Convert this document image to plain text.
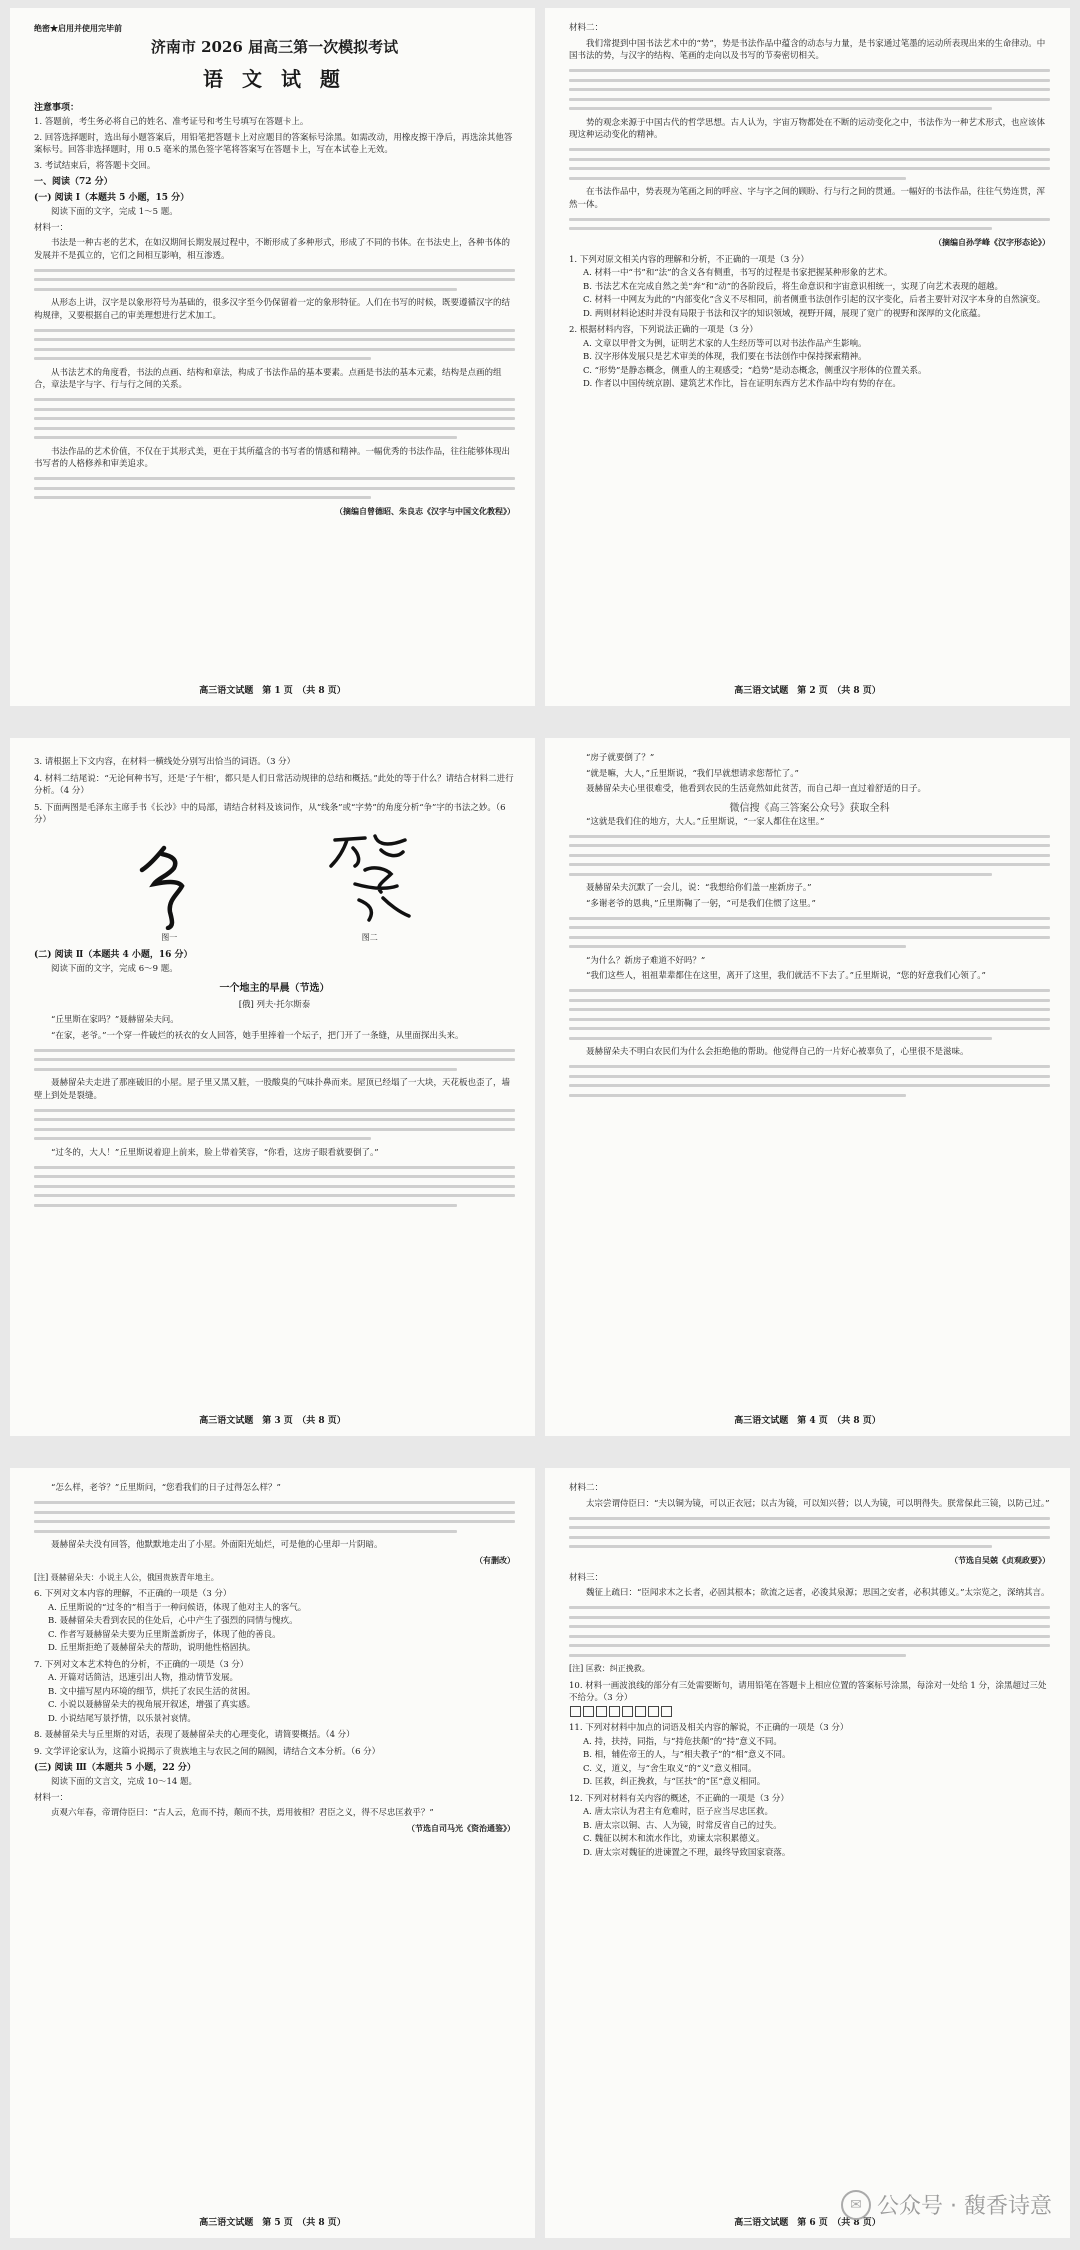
绝密★启用并使用完毕前

济南市 2026 届高三第一次模拟考试

语 文 试 题

注意事项：

1. 答题前，考生务必将自己的姓名、准考证号和考生号填写在答题卡上。

2. 回答选择题时，选出每小题答案后，用铅笔把答题卡上对应题目的答案标号涂黑。如需改动，用橡皮擦干净后，再选涂其他答案标号。回答非选择题时，用 0.5 毫米的黑色签字笔将答案写在答题卡上，写在本试卷上无效。

3. 考试结束后，将答题卡交回。

一、阅读（72 分）

(一) 阅读 Ⅰ（本题共 5 小题，15 分）

阅读下面的文字，完成 1～5 题。

材料一：

书法是一种古老的艺术，在如汉期间长期发展过程中，不断形成了多种形式，形成了不同的书体。在书法史上，各种书体的发展并不是孤立的，它们之间相互影响，相互渗透。

从形态上讲，汉字是以象形符号为基础的，很多汉字至今仍保留着一定的象形特征。人们在书写的时候，既要遵循汉字的结构规律，又要根据自己的审美理想进行艺术加工。

从书法艺术的角度看，书法的点画、结构和章法，构成了书法作品的基本要素。点画是书法的基本元素，结构是点画的组合，章法是字与字、行与行之间的关系。

书法作品的艺术价值，不仅在于其形式美，更在于其所蕴含的书写者的情感和精神。一幅优秀的书法作品，往往能够体现出书写者的人格修养和审美追求。

（摘编自曾德昭、朱良志《汉字与中国文化教程》）

高三语文试题　第 1 页　（共 8 页）

材料二：

我们常提到中国书法艺术中的“势”，势是书法作品中蕴含的动态与力量，是书家通过笔墨的运动所表现出来的生命律动。中国书法的势，与汉字的结构、笔画的走向以及书写的节奏密切相关。

势的观念来源于中国古代的哲学思想。古人认为，宇宙万物都处在不断的运动变化之中，书法作为一种艺术形式，也应该体现这种运动变化的精神。

在书法作品中，势表现为笔画之间的呼应、字与字之间的顾盼、行与行之间的贯通。一幅好的书法作品，往往气势连贯，浑然一体。

（摘编自孙学峰《汉字形态论》）

1. 下列对原文相关内容的理解和分析，不正确的一项是（3 分）

A. 材料一中“书”和“法”的含义各有侧重，书写的过程是书家把握某种形象的艺术。

B. 书法艺术在完成自然之美“奔”和“动”的各阶段后，将生命意识和宇宙意识相统一，实现了向艺术表现的超越。

C. 材料一中网友为此的“内部变化”含义不尽相同，前者侧重书法创作引起的汉字变化，后者主要针对汉字本身的自然演变。

D. 两则材料论述时并没有局限于书法和汉字的知识领域，视野开阔，展现了宽广的视野和深厚的文化底蕴。

2. 根据材料内容，下列说法正确的一项是（3 分）

A. 文章以甲骨文为例，证明艺术家的人生经历等可以对书法作品产生影响。

B. 汉字形体发展只是艺术审美的体现，我们要在书法创作中保持探索精神。

C. “形势”是静态概念，侧重人的主观感受；“趋势”是动态概念，侧重汉字形体的位置关系。

D. 作者以中国传统京剧、建筑艺术作比，旨在证明东西方艺术作品中均有势的存在。

高三语文试题　第 2 页　（共 8 页）

3. 请根据上下文内容，在材料一横线处分别写出恰当的词语。（3 分）

4. 材料二结尾说：“无论何种书写，还是‘子午相’，都只是人们日常活动规律的总结和概括。”此处的等于什么？请结合材料二进行分析。（4 分）

5. 下面两图是毛泽东主席手书《长沙》中的局部，请结合材料及该词作，从“线条”或“字势”的角度分析“争”字的书法之妙。（6 分）

图一	图二

(二) 阅读 Ⅱ（本题共 4 小题，16 分）

阅读下面的文字，完成 6～9 题。

一个地主的早晨（节选）

[俄] 列夫·托尔斯泰

“丘里斯在家吗？”聂赫留朵夫问。

“在家，老爷。”一个穿一件破烂的袄衣的女人回答，她手里捧着一个坛子，把门开了一条缝，从里面探出头来。

聂赫留朵夫走进了那座破旧的小屋。屋子里又黑又脏，一股酸臭的气味扑鼻而来。屋顶已经塌了一大块，天花板也歪了，墙壁上到处是裂缝。

“过冬的，大人！”丘里斯说着迎上前来，脸上带着笑容，“你看，这房子眼看就要倒了。”

高三语文试题　第 3 页　（共 8 页）

“房子就要倒了？”

“就是嘛，大人，”丘里斯说，“我们早就想请求您帮忙了。”

聂赫留朵夫心里很难受，他看到农民的生活竟然如此贫苦，而自己却一直过着舒适的日子。

微信搜《高三答案公众号》获取全科

“这就是我们住的地方，大人。”丘里斯说，“一家人都住在这里。”

聂赫留朵夫沉默了一会儿，说：“我想给你们盖一座新房子。”

“多谢老爷的恩典，”丘里斯鞠了一躬，“可是我们住惯了这里。”

“为什么？新房子难道不好吗？”

“我们这些人，祖祖辈辈都住在这里，离开了这里，我们就活不下去了。”丘里斯说，“您的好意我们心领了。”

聂赫留朵夫不明白农民们为什么会拒绝他的帮助。他觉得自己的一片好心被辜负了，心里很不是滋味。

高三语文试题　第 4 页　（共 8 页）

“怎么样，老爷？”丘里斯问，“您看我们的日子过得怎么样？”

聂赫留朵夫没有回答，他默默地走出了小屋。外面阳光灿烂，可是他的心里却一片阴暗。

（有删改）

[注] 聂赫留朵夫：小说主人公，俄国贵族青年地主。

6. 下列对文本内容的理解，不正确的一项是（3 分）

A. 丘里斯说的“过冬的”相当于一种问候语，体现了他对主人的客气。

B. 聂赫留朵夫看到农民的住处后，心中产生了强烈的同情与愧疚。

C. 作者写聂赫留朵夫要为丘里斯盖新房子，体现了他的善良。

D. 丘里斯拒绝了聂赫留朵夫的帮助，说明他性格固执。

7. 下列对文本艺术特色的分析，不正确的一项是（3 分）

A. 开篇对话简洁，迅速引出人物，推动情节发展。

B. 文中描写屋内环境的细节，烘托了农民生活的贫困。

C. 小说以聂赫留朵夫的视角展开叙述，增强了真实感。

D. 小说结尾写景抒情，以乐景衬哀情。

8. 聂赫留朵夫与丘里斯的对话，表现了聂赫留朵夫的心理变化，请简要概括。（4 分）

9. 文学评论家认为，这篇小说揭示了贵族地主与农民之间的隔阂，请结合文本分析。（6 分）

(三) 阅读 Ⅲ（本题共 5 小题，22 分）

阅读下面的文言文，完成 10～14 题。

材料一：

贞观六年春，帝谓侍臣曰：“古人云，危而不持，颠而不扶，焉用彼相？君臣之义，得不尽忠匡救乎？”

（节选自司马光《资治通鉴》）

高三语文试题　第 5 页　（共 8 页）

材料二：

太宗尝谓侍臣曰：“夫以铜为镜，可以正衣冠；以古为镜，可以知兴替；以人为镜，可以明得失。朕常保此三镜，以防己过。”

（节选自吴兢《贞观政要》）

材料三：

魏征上疏曰：“臣闻求木之长者，必固其根本；欲流之远者，必浚其泉源；思国之安者，必积其德义。”太宗览之，深纳其言。

[注] 匡救：纠正挽救。

10. 材料一画波浪线的部分有三处需要断句，请用铅笔在答题卡上相应位置的答案标号涂黑，每涂对一处给 1 分，涂黑超过三处不给分。（3 分）

11. 下列对材料中加点的词语及相关内容的解说，不正确的一项是（3 分）

A. 持，扶持，同指，与“持危扶颠”的“持”意义不同。

B. 相，辅佐帝王的人，与“相夫教子”的“相”意义不同。

C. 义，道义，与“舍生取义”的“义”意义相同。

D. 匡救，纠正挽救，与“匡扶”的“匡”意义相同。

12. 下列对材料有关内容的概述，不正确的一项是（3 分）

A. 唐太宗认为君主有危难时，臣子应当尽忠匡救。

B. 唐太宗以铜、古、人为镜，时常反省自己的过失。

C. 魏征以树木和流水作比，劝谏太宗积累德义。

D. 唐太宗对魏征的进谏置之不理，最终导致国家衰落。

高三语文试题　第 6 页　（共 8 页）
✉ 公众号 · 馥香诗意
